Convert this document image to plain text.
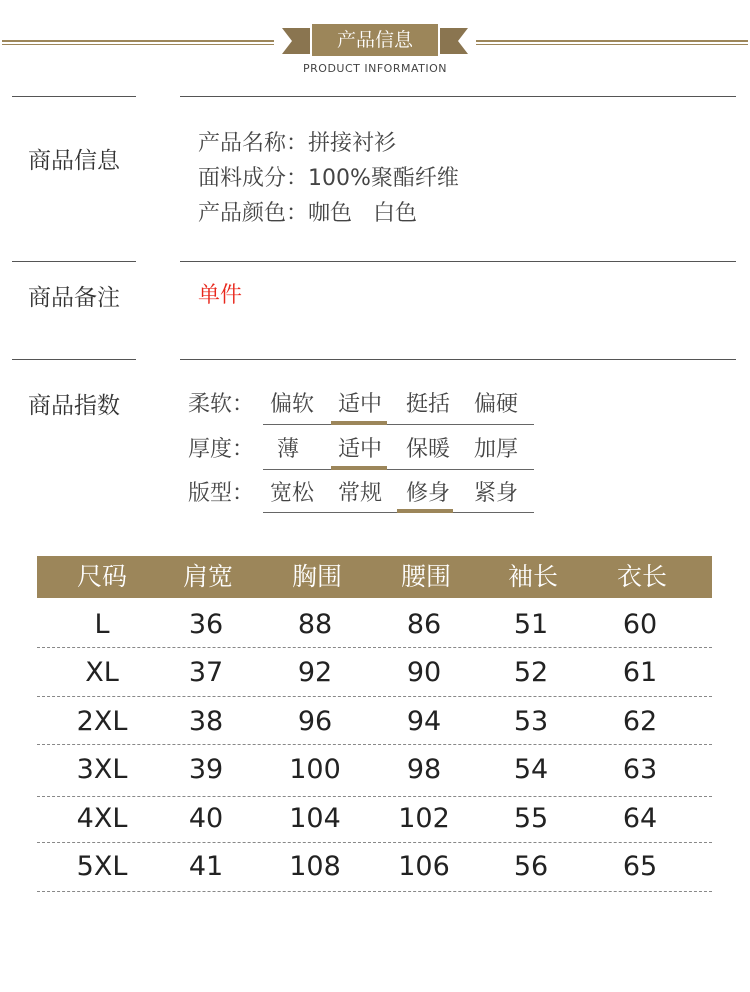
产品信息
PRODUCT INFORMATION
商品信息
产品名称：拼接衬衫
面料成分：100%聚酯纤维
产品颜色：咖色   白色
商品备注	单件
商品指数	柔软： 偏软	适中	挺括	偏硬
厚度：	薄	适中	保暖	加厚
版型： 宽松	常规	修身	紧身
尺码	肩宽	胸围	腰围	袖长	衣长
L	36	88	86	51	60
XL	37	92	90	52	61
2XL	38	96	94	53	62
3XL	39	100	98	54	63
4XL	40	104	102	55	64
5XL	41	108	106	56	65
